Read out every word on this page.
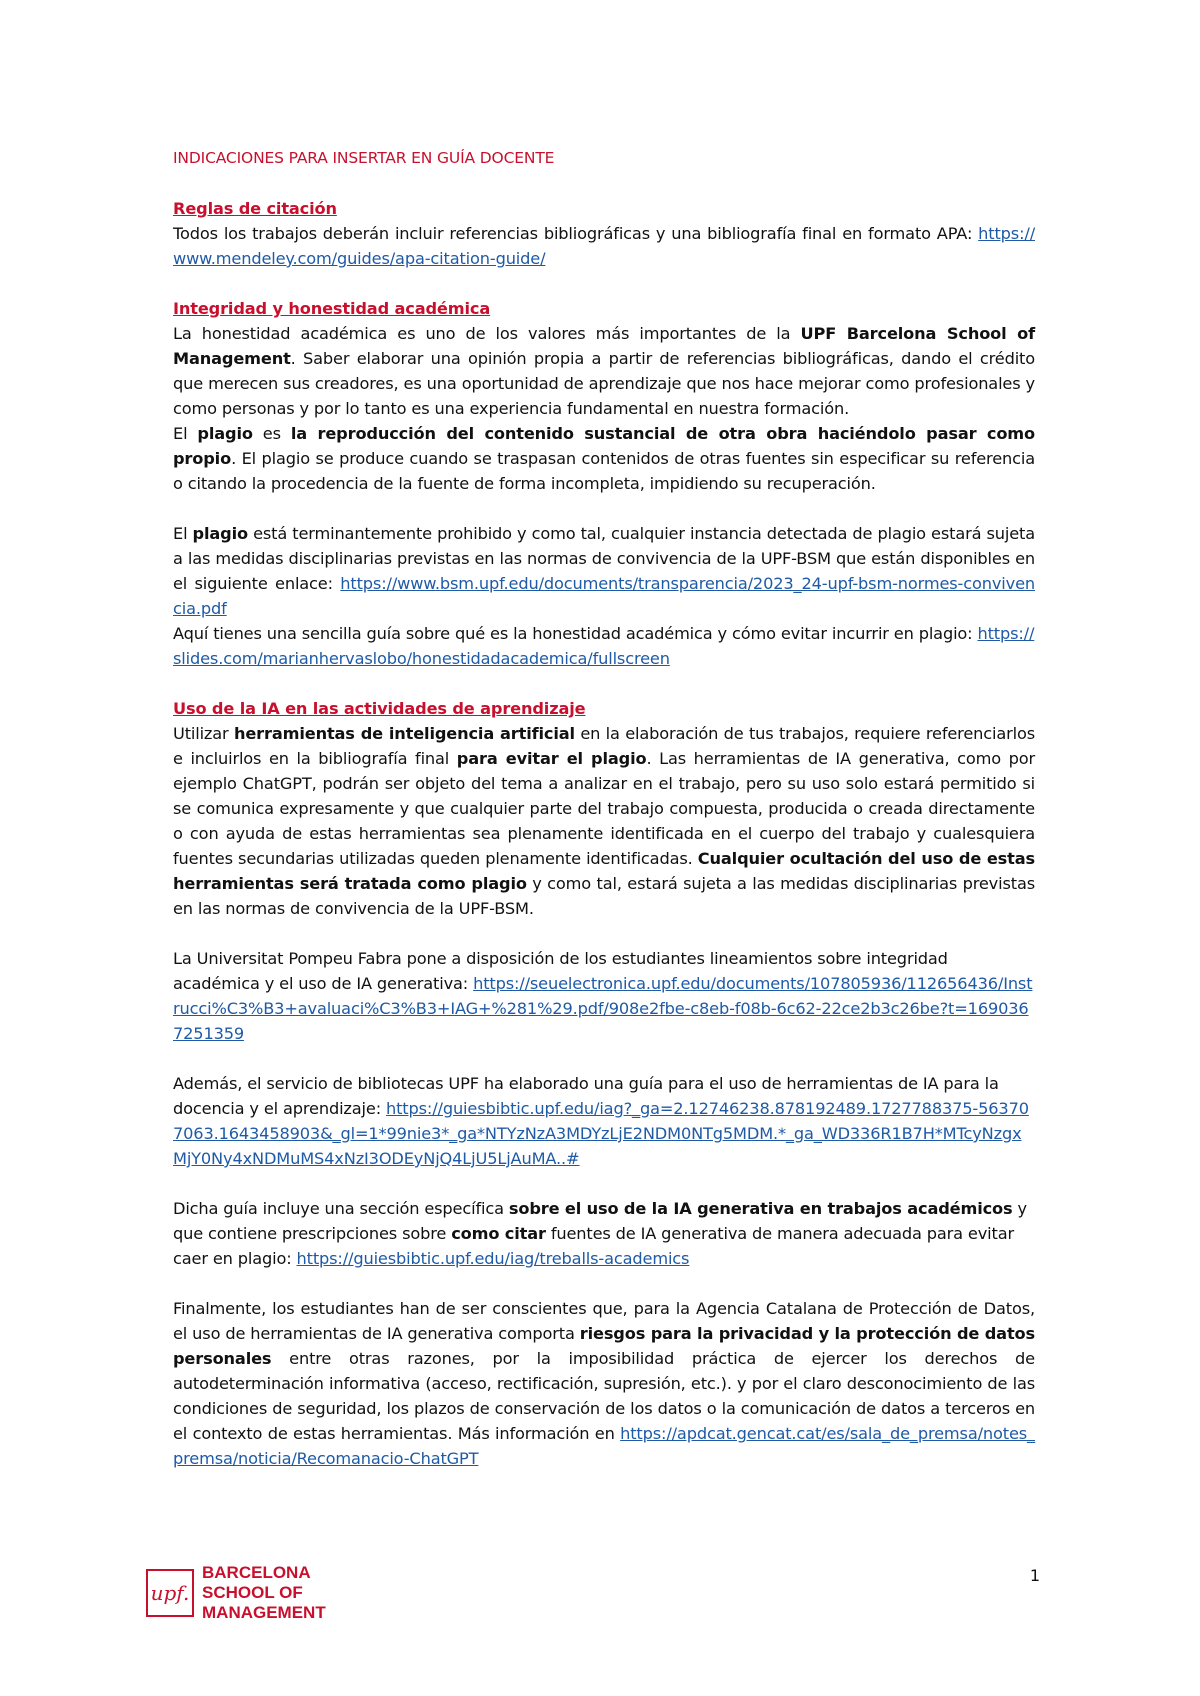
INDICACIONES PARA INSERTAR EN GUÍA DOCENTE

Reglas de citación

Todos los trabajos deberán incluir referencias bibliográficas y una bibliografía final en formato APA: https://www.mendeley.com/guides/apa-citation-guide/

Integridad y honestidad académica

La honestidad académica es uno de los valores más importantes de la UPF Barcelona School of Management. Saber elaborar una opinión propia a partir de referencias bibliográficas, dando el crédito que merecen sus creadores, es una oportunidad de aprendizaje que nos hace mejorar como profesionales y como personas y por lo tanto es una experiencia fundamental en nuestra formación.

El plagio es la reproducción del contenido sustancial de otra obra haciéndolo pasar como propio. El plagio se produce cuando se traspasan contenidos de otras fuentes sin especificar su referencia o citando la procedencia de la fuente de forma incompleta, impidiendo su recuperación.

El plagio está terminantemente prohibido y como tal, cualquier instancia detectada de plagio estará sujeta a las medidas disciplinarias previstas en las normas de convivencia de la UPF-BSM que están disponibles en el siguiente enlace: https://www.bsm.upf.edu/documents/transparencia/2023_24-upf-bsm-normes-convivencia.pdf

Aquí tienes una sencilla guía sobre qué es la honestidad académica y cómo evitar incurrir en plagio: https://slides.com/marianhervaslobo/honestidadacademica/fullscreen

Uso de la IA en las actividades de aprendizaje

Utilizar herramientas de inteligencia artificial en la elaboración de tus trabajos, requiere referenciarlos e incluirlos en la bibliografía final para evitar el plagio. Las herramientas de IA generativa, como por ejemplo ChatGPT, podrán ser objeto del tema a analizar en el trabajo, pero su uso solo estará permitido si se comunica expresamente y que cualquier parte del trabajo compuesta, producida o creada directamente o con ayuda de estas herramientas sea plenamente identificada en el cuerpo del trabajo y cualesquiera fuentes secundarias utilizadas queden plenamente identificadas. Cualquier ocultación del uso de estas herramientas será tratada como plagio y como tal, estará sujeta a las medidas disciplinarias previstas en las normas de convivencia de la UPF-BSM.

La Universitat Pompeu Fabra pone a disposición de los estudiantes lineamientos sobre integridad académica y el uso de IA generativa: https://seuelectronica.upf.edu/documents/107805936/112656436/Instrucci%C3%B3+avaluaci%C3%B3+IAG+%281%29.pdf/908e2fbe-c8eb-f08b-6c62-22ce2b3c26be?t=1690367251359

Además, el servicio de bibliotecas UPF ha elaborado una guía para el uso de herramientas de IA para la docencia y el aprendizaje: https://guiesbibtic.upf.edu/iag?_ga=2.12746238.878192489.1727788375-563707063.1643458903&_gl=1*99nie3*_ga*NTYzNzA3MDYzLjE2NDM0NTg5MDM.*_ga_WD336R1B7H*MTcyNzgxMjY0Ny4xNDMuMS4xNzI3ODEyNjQ4LjU5LjAuMA..#

Dicha guía incluye una sección específica sobre el uso de la IA generativa en trabajos académicos y que contiene prescripciones sobre como citar fuentes de IA generativa de manera adecuada para evitar caer en plagio: https://guiesbibtic.upf.edu/iag/treballs-academics

Finalmente, los estudiantes han de ser conscientes que, para la Agencia Catalana de Protección de Datos, el uso de herramientas de IA generativa comporta riesgos para la privacidad y la protección de datos personales entre otras razones, por la imposibilidad práctica de ejercer los derechos de autodeterminación informativa (acceso, rectificación, supresión, etc.). y por el claro desconocimiento de las condiciones de seguridad, los plazos de conservación de los datos o la comunicación de datos a terceros en el contexto de estas herramientas. Más información en https://apdcat.gencat.cat/es/sala_de_premsa/notes_premsa/noticia/Recomanacio-ChatGPT

upf.
BARCELONA
SCHOOL OF
MANAGEMENT
1
